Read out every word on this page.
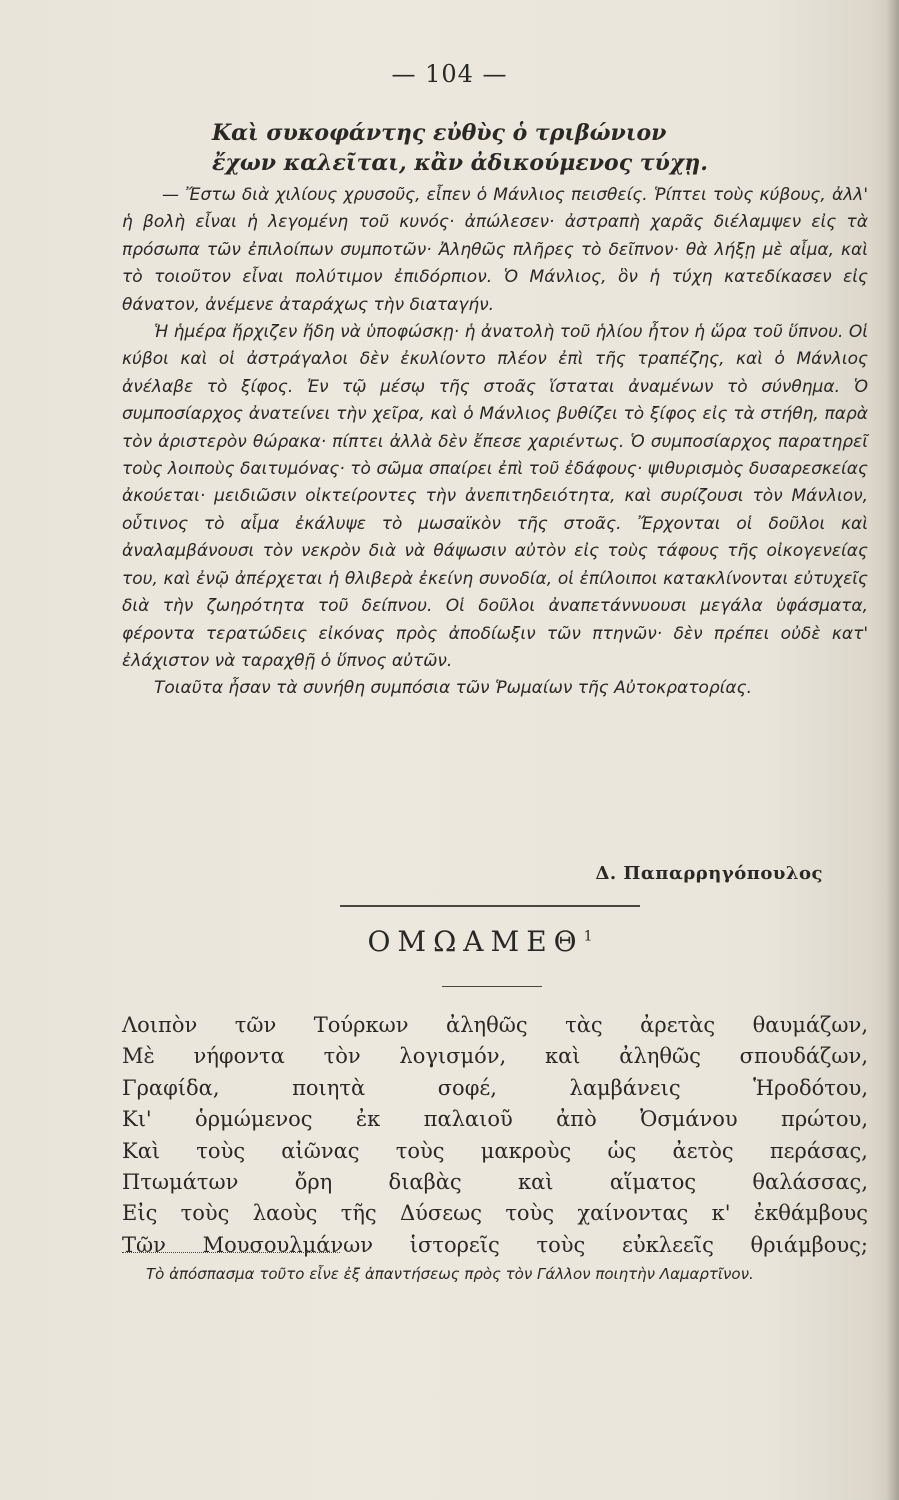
— 104 —
Καὶ συκοφάντης εὐθὺς ὁ τριβώνιον
ἔχων καλεῖται, κἂν ἀδικούμενος τύχῃ.

— Ἔστω διὰ χιλίους χρυσοῦς, εἶπεν ὁ Μάνλιος πεισθείς. Ῥίπτει τοὺς κύβους, ἀλλ' ἡ βολὴ εἶναι ἡ λεγομένη τοῦ κυνός· ἀπώλεσεν· ἀστραπὴ χαρᾶς διέλαμψεν εἰς τὰ πρόσωπα τῶν ἐπιλοίπων συμποτῶν· Ἀληθῶς πλῆρες τὸ δεῖπνον· θὰ λήξῃ μὲ αἷμα, καὶ τὸ τοιοῦτον εἶναι πολύτιμον ἐπιδόρπιον. Ὁ Μάνλιος, ὃν ἡ τύχη κατεδίκασεν εἰς θάνατον, ἀνέμενε ἀταράχως τὴν διαταγήν.

Ἡ ἡμέρα ἤρχιζεν ἤδη νὰ ὑποφώσκῃ· ἡ ἀνατολὴ τοῦ ἡλίου ἦτον ἡ ὥρα τοῦ ὕπνου. Οἱ κύβοι καὶ οἱ ἀστράγαλοι δὲν ἐκυλίοντο πλέον ἐπὶ τῆς τραπέζης, καὶ ὁ Μάνλιος ἀνέλαβε τὸ ξίφος. Ἐν τῷ μέσῳ τῆς στοᾶς ἵσταται ἀναμένων τὸ σύνθημα. Ὁ συμποσίαρχος ἀνατείνει τὴν χεῖρα, καὶ ὁ Μάνλιος βυθίζει τὸ ξίφος εἰς τὰ στήθη, παρὰ τὸν ἀριστερὸν θώρακα· πίπτει ἀλλὰ δὲν ἔπεσε χαριέντως. Ὁ συμποσίαρχος παρατηρεῖ τοὺς λοιποὺς δαιτυμόνας· τὸ σῶμα σπαίρει ἐπὶ τοῦ ἐδάφους· ψιθυρισμὸς δυσαρεσκείας ἀκούεται· μειδιῶσιν οἰκτείροντες τὴν ἀνεπιτηδειότητα, καὶ συρίζουσι τὸν Μάνλιον, οὗτινος τὸ αἷμα ἐκάλυψε τὸ μωσαϊκὸν τῆς στοᾶς. Ἔρχονται οἱ δοῦλοι καὶ ἀναλαμβάνουσι τὸν νεκρὸν διὰ νὰ θάψωσιν αὐτὸν εἰς τοὺς τάφους τῆς οἰκογενείας του, καὶ ἐνῷ ἀπέρχεται ἡ θλιβερὰ ἐκείνη συνοδία, οἱ ἐπίλοιποι κατακλίνονται εὐτυχεῖς διὰ τὴν ζωηρότητα τοῦ δείπνου. Οἱ δοῦλοι ἀναπετάννυουσι μεγάλα ὑφάσματα, φέροντα τερατώδεις εἰκόνας πρὸς ἀποδίωξιν τῶν πτηνῶν· δὲν πρέπει οὐδὲ κατ' ἐλάχιστον νὰ ταραχθῇ ὁ ὕπνος αὐτῶν.

Τοιαῦτα ἦσαν τὰ συνήθη συμπόσια τῶν Ῥωμαίων τῆς Αὐτοκρατορίας.

Δ. Παπαρρηγόπουλος
ΟΜΩΑΜΕΘ$^1$
Λοιπὸν τῶν Τούρκων ἀληθῶς τὰς ἀρετὰς θαυμάζων,
Μὲ νήφοντα τὸν λογισμόν, καὶ ἀληθῶς σπουδάζων,
Γραφίδα, ποιητὰ σοφέ, λαμβάνεις Ἡροδότου,
Κι' ὁρμώμενος ἐκ παλαιοῦ ἀπὸ Ὀσμάνου πρώτου,
Καὶ τοὺς αἰῶνας τοὺς μακροὺς ὡς ἀετὸς περάσας,
Πτωμάτων ὄρη διαβὰς καὶ αἵματος θαλάσσας,
Εἰς τοὺς λαοὺς τῆς Δύσεως τοὺς χαίνοντας κ' ἐκθάμβους
Τῶν Μουσουλμάνων ἱστορεῖς τοὺς εὐκλεεῖς θριάμβους;

Τὸ ἀπόσπασμα τοῦτο εἶνε ἐξ ἀπαντήσεως πρὸς τὸν Γάλλον ποιητὴν Λαμαρτῖνον.
